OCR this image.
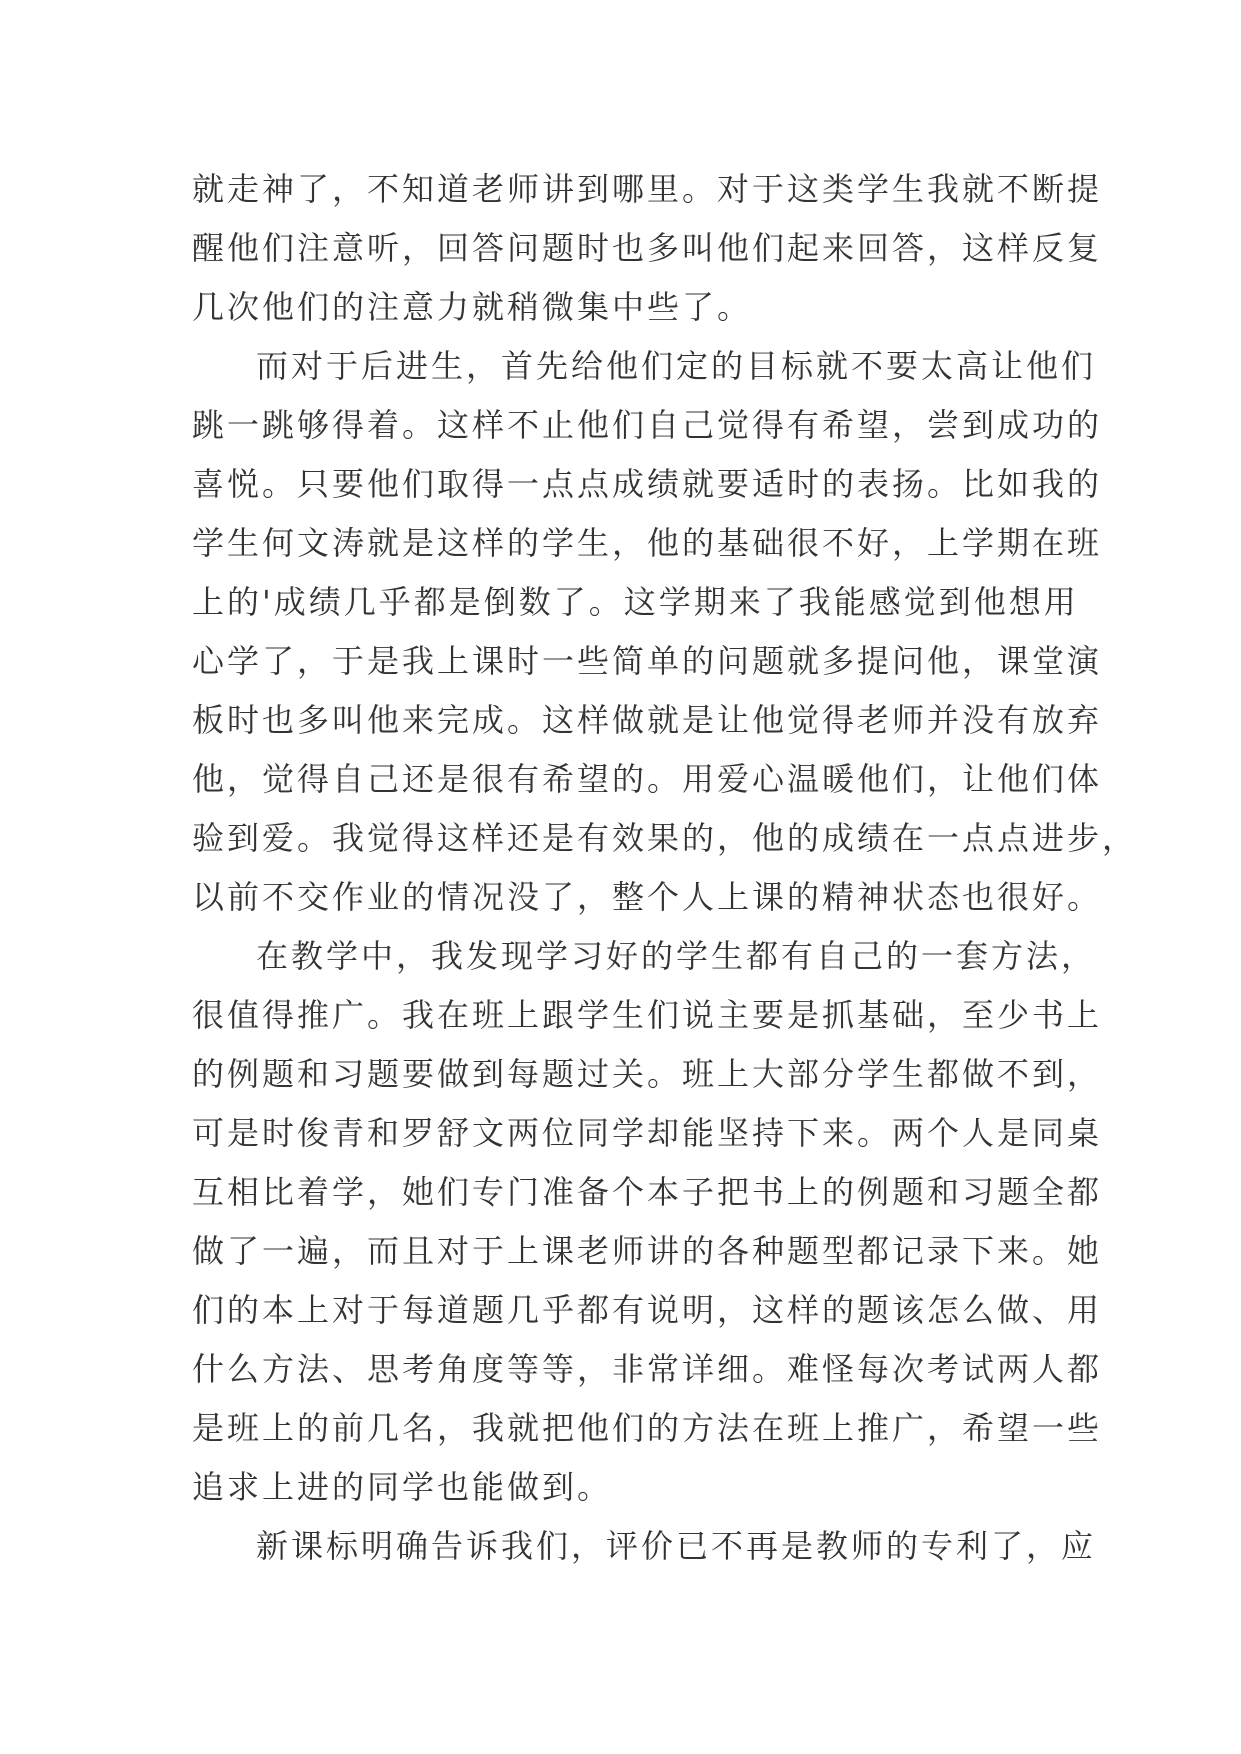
就走神了，不知道老师讲到哪里。对于这类学生我就不断提
醒他们注意听，回答问题时也多叫他们起来回答，这样反复
几次他们的注意力就稍微集中些了。
而对于后进生，首先给他们定的目标就不要太高让他们
跳一跳够得着。这样不止他们自己觉得有希望，尝到成功的
喜悦。只要他们取得一点点成绩就要适时的表扬。比如我的
学生何文涛就是这样的学生，他的基础很不好，上学期在班
上的'成绩几乎都是倒数了。这学期来了我能感觉到他想用
心学了，于是我上课时一些简单的问题就多提问他，课堂演
板时也多叫他来完成。这样做就是让他觉得老师并没有放弃
他，觉得自己还是很有希望的。用爱心温暖他们，让他们体
验到爱。我觉得这样还是有效果的，他的成绩在一点点进步，
以前不交作业的情况没了，整个人上课的精神状态也很好。
在教学中，我发现学习好的学生都有自己的一套方法，
很值得推广。我在班上跟学生们说主要是抓基础，至少书上
的例题和习题要做到每题过关。班上大部分学生都做不到，
可是时俊青和罗舒文两位同学却能坚持下来。两个人是同桌
互相比着学，她们专门准备个本子把书上的例题和习题全都
做了一遍，而且对于上课老师讲的各种题型都记录下来。她
们的本上对于每道题几乎都有说明，这样的题该怎么做、用
什么方法、思考角度等等，非常详细。难怪每次考试两人都
是班上的前几名，我就把他们的方法在班上推广，希望一些
追求上进的同学也能做到。
新课标明确告诉我们，评价已不再是教师的专利了，应
